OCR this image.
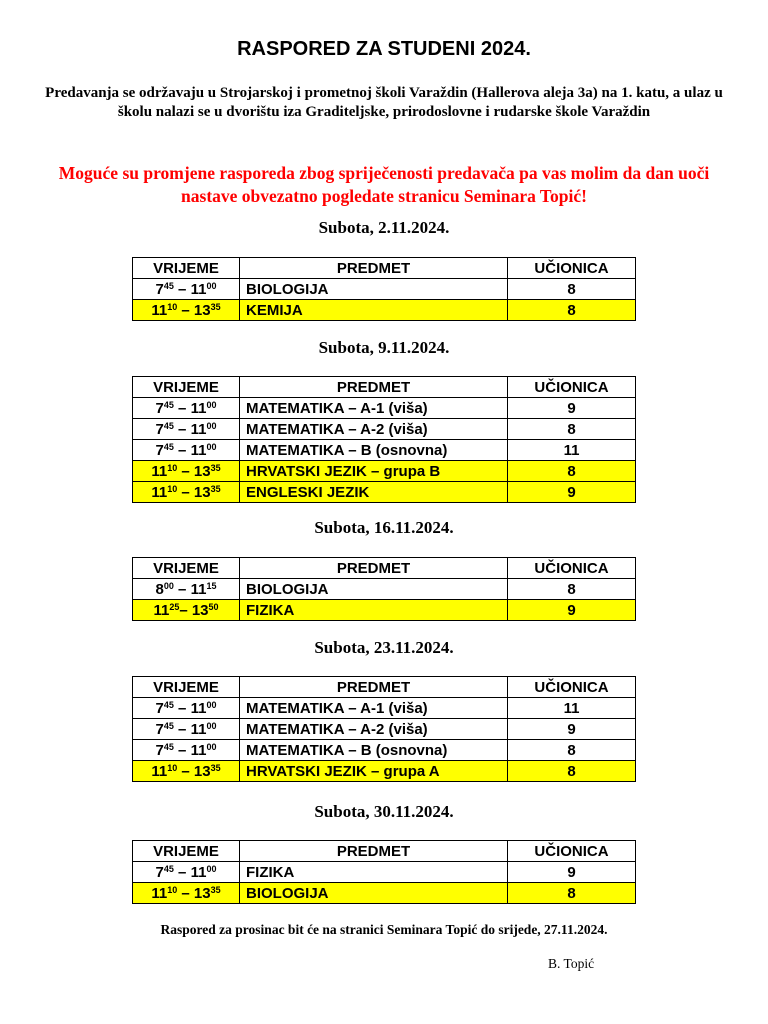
RASPORED ZA STUDENI 2024.
Predavanja se održavaju u Strojarskoj i prometnoj školi Varaždin (Hallerova aleja 3a) na 1. katu, a ulaz u školu nalazi se u dvorištu iza Graditeljske, prirodoslovne i rudarske škole Varaždin
Moguće su promjene rasporeda zbog spriječenosti predavača pa vas molim da dan uoči nastave obvezatno pogledate stranicu Seminara Topić!
Subota, 2.11.2024.
VRIJEME	PREDMET	UČIONICA
$7^{45} - 11^{00}$	BIOLOGIJA	8
$11^{10} - 13^{35}$	KEMIJA	8
Subota, 9.11.2024.
VRIJEME	PREDMET	UČIONICA
$7^{45} - 11^{00}$	MATEMATIKA – A-1 (viša)	9
$7^{45} - 11^{00}$	MATEMATIKA – A-2 (viša)	8
$7^{45} - 11^{00}$	MATEMATIKA – B (osnovna)	11
$11^{10} - 13^{35}$	HRVATSKI JEZIK – grupa B	8
$11^{10} - 13^{35}$	ENGLESKI JEZIK	9
Subota, 16.11.2024.
VRIJEME	PREDMET	UČIONICA
$8^{00} - 11^{15}$	BIOLOGIJA	8
$11^{25}-$ $13^{50}$	FIZIKA	9
Subota, 23.11.2024.
VRIJEME	PREDMET	UČIONICA
$7^{45} - 11^{00}$	MATEMATIKA – A-1 (viša)	11
$7^{45} - 11^{00}$	MATEMATIKA – A-2 (viša)	9
$7^{45} - 11^{00}$	MATEMATIKA – B (osnovna)	8
$11^{10} - 13^{35}$	HRVATSKI JEZIK – grupa A	8
Subota, 30.11.2024.
VRIJEME	PREDMET	UČIONICA
$7^{45} - 11^{00}$	FIZIKA	9
$11^{10} - 13^{35}$	BIOLOGIJA	8
Raspored za prosinac bit će na stranici Seminara Topić do srijede, 27.11.2024.
B. Topić
